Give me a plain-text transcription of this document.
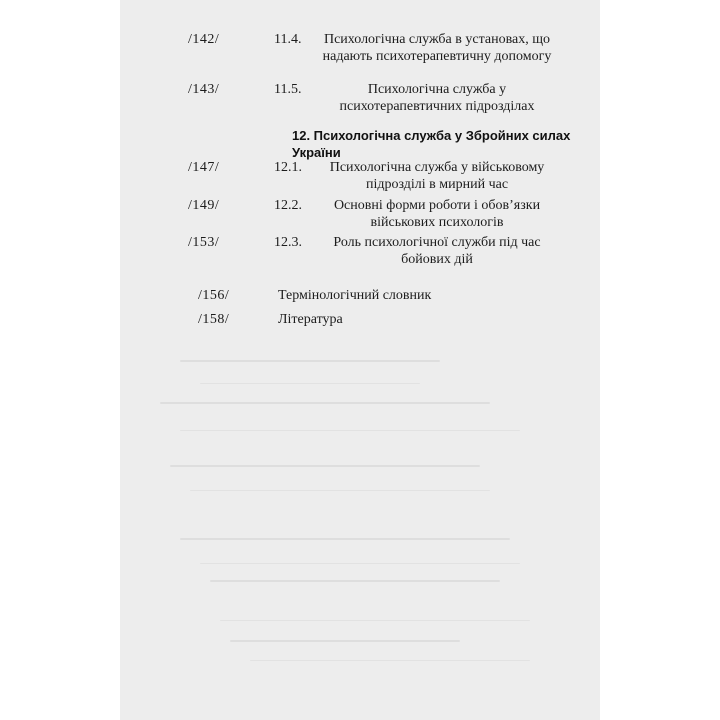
/142/	11.4. Психологічна служба в установах, що надають психотерапевтичну допомогу
/143/	11.5.	Психологічна служба у психотерапевтичних підрозділах
12. Психологічна служба у Збройних силах України
/147/	12.1. Психологічна служба у військовому підрозділі в мирний час
/149/	12.2. Основні форми роботи і обов’язки військових психологів
/153/	12.3. Роль психологічної служби під час бойових дій
/156/	Термінологічний словник
/158/	Література
